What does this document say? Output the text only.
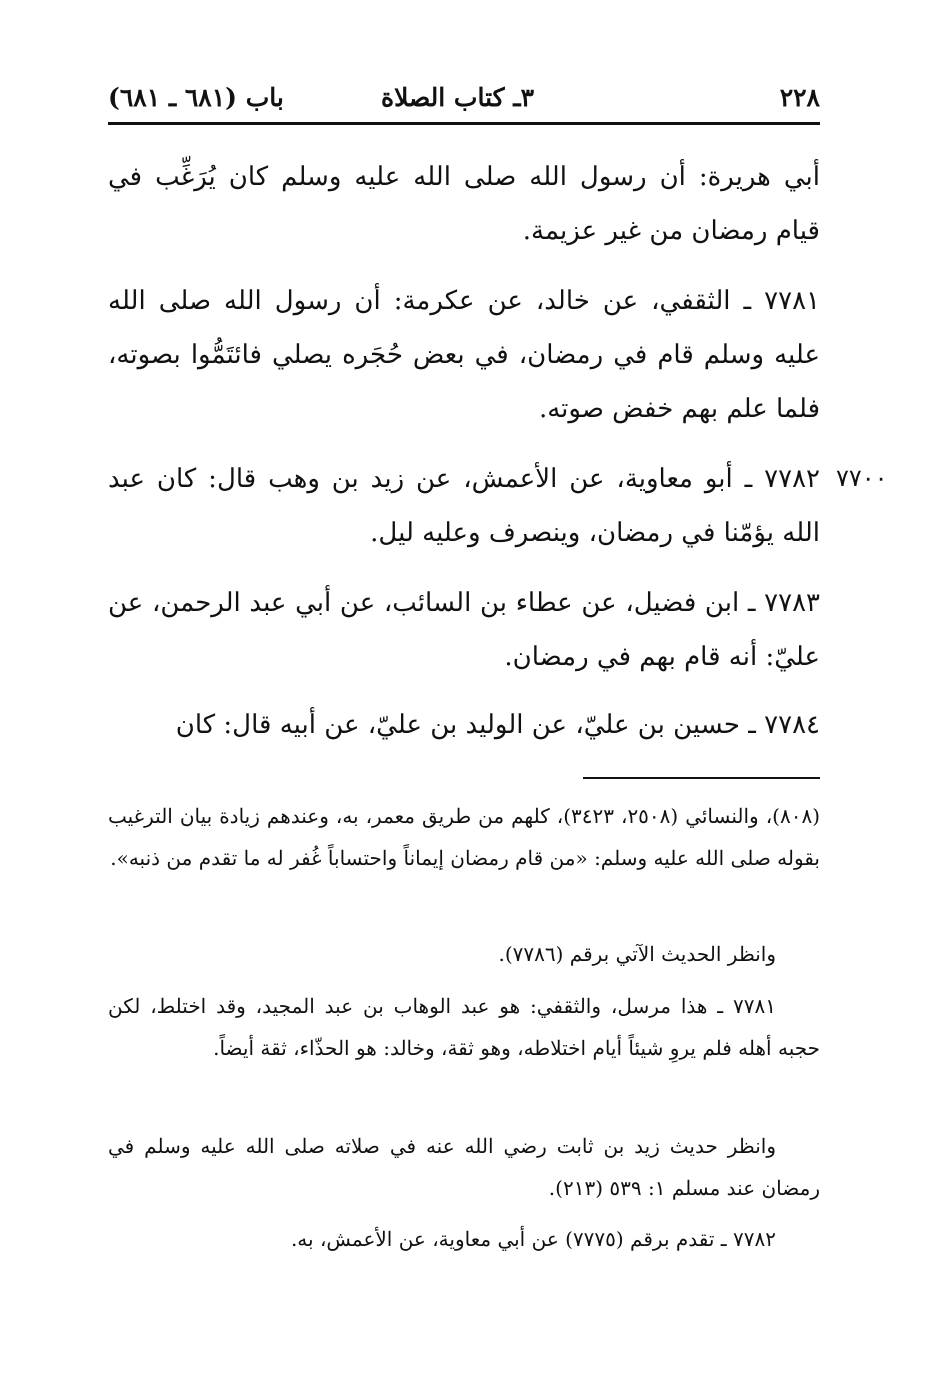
٢٢٨
٣ـ كتاب الصلاة
باب (٦٨١ ـ ٦٨١)

أبي هريرة: أن رسول الله صلى الله عليه وسلم كان يُرَغِّب في قيام رمضان من غير عزيمة.

٧٧٨١ ـ الثقفي، عن خالد، عن عكرمة: أن رسول الله صلى الله عليه وسلم قام في رمضان، في بعض حُجَره يصلي فائتَمُّوا بصوته، فلما علم بهم خفض صوته.

٧٧٨٢ ـ أبو معاوية، عن الأعمش، عن زيد بن وهب قال: كان عبد الله يؤمّنا في رمضان، وينصرف وعليه ليل.

٧٧٠٠

٧٧٨٣ ـ ابن فضيل، عن عطاء بن السائب، عن أبي عبد الرحمن، عن عليّ: أنه قام بهم في رمضان.

٧٧٨٤ ـ حسين بن عليّ، عن الوليد بن عليّ، عن أبيه قال: كان

(٨٠٨)، والنسائي (٢٥٠٨، ٣٤٢٣)، كلهم من طريق معمر، به، وعندهم زيادة بيان الترغيب بقوله صلى الله عليه وسلم: «من قام رمضان إيماناً واحتساباً غُفر له ما تقدم من ذنبه».

وانظر الحديث الآتي برقم (٧٧٨٦).

٧٧٨١ ـ هذا مرسل، والثقفي: هو عبد الوهاب بن عبد المجيد، وقد اختلط، لكن حجبه أهله فلم يروِ شيئاً أيام اختلاطه، وهو ثقة، وخالد: هو الحذّاء، ثقة أيضاً.

وانظر حديث زيد بن ثابت رضي الله عنه في صلاته صلى الله عليه وسلم في رمضان عند مسلم ١: ٥٣٩ (٢١٣).

٧٧٨٢ ـ تقدم برقم (٧٧٧٥) عن أبي معاوية، عن الأعمش، به.
